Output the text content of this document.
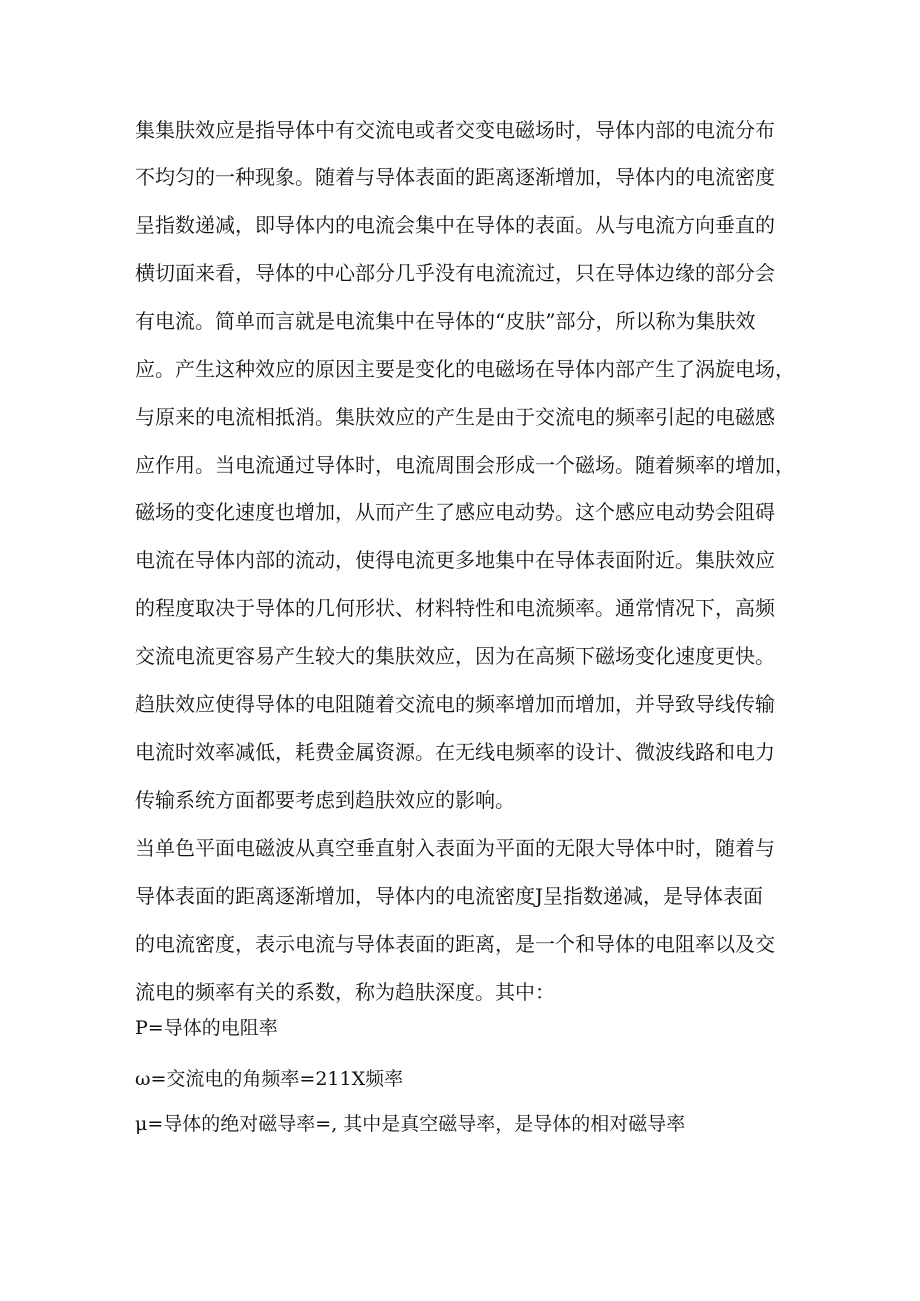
集集肤效应是指导体中有交流电或者交变电磁场时，导体内部的电流分布
不均匀的一种现象。随着与导体表面的距离逐渐增加，导体内的电流密度
呈指数递减，即导体内的电流会集中在导体的表面。从与电流方向垂直的
横切面来看，导体的中心部分几乎没有电流流过，只在导体边缘的部分会
有电流。简单而言就是电流集中在导体的“皮肤”部分，所以称为集肤效
应。产生这种效应的原因主要是变化的电磁场在导体内部产生了涡旋电场，
与原来的电流相抵消。集肤效应的产生是由于交流电的频率引起的电磁感
应作用。当电流通过导体时，电流周围会形成一个磁场。随着频率的增加，
磁场的变化速度也增加，从而产生了感应电动势。这个感应电动势会阻碍
电流在导体内部的流动，使得电流更多地集中在导体表面附近。集肤效应
的程度取决于导体的几何形状、材料特性和电流频率。通常情况下，高频
交流电流更容易产生较大的集肤效应，因为在高频下磁场变化速度更快。
趋肤效应使得导体的电阻随着交流电的频率增加而增加，并导致导线传输
电流时效率减低，耗费金属资源。在无线电频率的设计、微波线路和电力
传输系统方面都要考虑到趋肤效应的影响。
当单色平面电磁波从真空垂直射入表面为平面的无限大导体中时，随着与
导体表面的距离逐渐增加，导体内的电流密度J呈指数递减，是导体表面
的电流密度，表示电流与导体表面的距离，是一个和导体的电阻率以及交
流电的频率有关的系数，称为趋肤深度。其中：
P=导体的电阻率
ω=交流电的角频率=211X频率
μ=导体的绝对磁导率=, 其中是真空磁导率，是导体的相对磁导率
